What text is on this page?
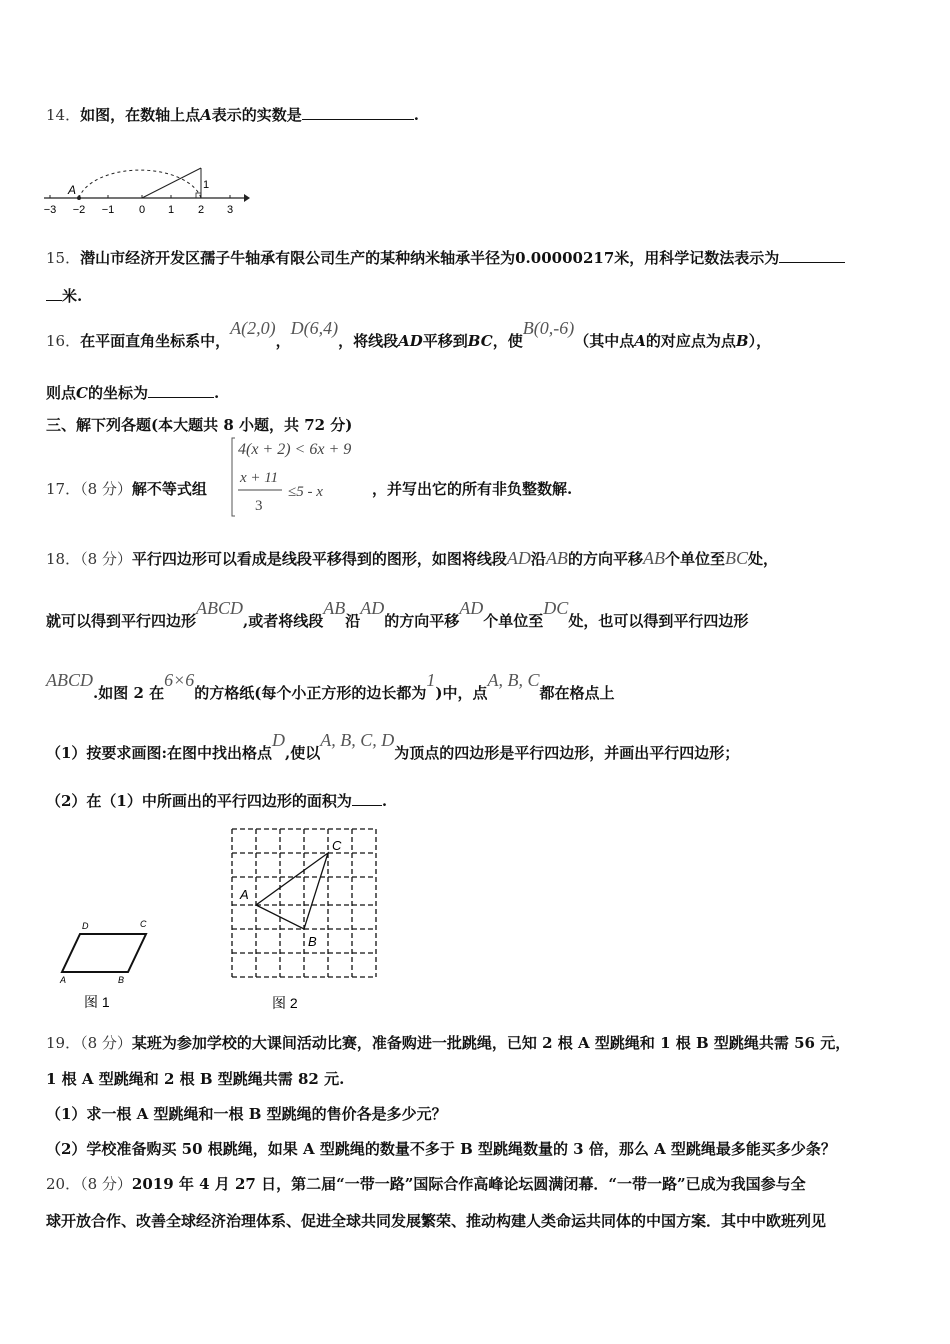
14．如图，在数轴上点A表示的实数是	.
A	1
−3 −2 −1 0 1 2 3
15．潜山市经济开发区孺子牛轴承有限公司生产的某种纳米轴承半径为0.00000217米，用科学记数法表示为
米.
16．在平面直角坐标系中，A(2,0)，D(6,4)，将线段AD平移到BC，使B(0,‑6)（其中点A的对应点为点B），
则点C的坐标为	.
三、解下列各题(本大题共 8 小题，共 72 分)
17．（8 分）解不等式组
4(x + 2) < 6x + 9
x + 11
3
≤5 - x	，并写出它的所有非负整数解.
18．（8 分）平行四边形可以看成是线段平移得到的图形，如图将线段AD沿AB的方向平移AB个单位至BC处，
就可以得到平行四边形ABCD,或者将线段AB沿AD的方向平移AD个单位至DC处，也可以得到平行四边形
ABCD.如图 2 在6×6的方格纸(每个小正方形的边长都为1)中，点A, B, C都在格点上
（1）按要求画图:在图中找出格点D,使以A, B, C, D为顶点的四边形是平行四边形，并画出平行四边形；
（2）在（1）中所画出的平行四边形的面积为 .
D	C
A	B
图 1
A
B
C
图 2
19．（8 分）某班为参加学校的大课间活动比赛，准备购进一批跳绳，已知 2 根 A 型跳绳和 1 根 B 型跳绳共需 56 元，
1 根 A 型跳绳和 2 根 B 型跳绳共需 82 元.
（1）求一根 A 型跳绳和一根 B 型跳绳的售价各是多少元？
（2）学校准备购买 50 根跳绳，如果 A 型跳绳的数量不多于 B 型跳绳数量的 3 倍，那么 A 型跳绳最多能买多少条？
20．（8 分）2019 年 4 月 27 日，第二届“一带一路”国际合作高峰论坛圆满闭幕．“一带一路”已成为我国参与全
球开放合作、改善全球经济治理体系、促进全球共同发展繁荣、推动构建人类命运共同体的中国方案．其中中欧班列见
